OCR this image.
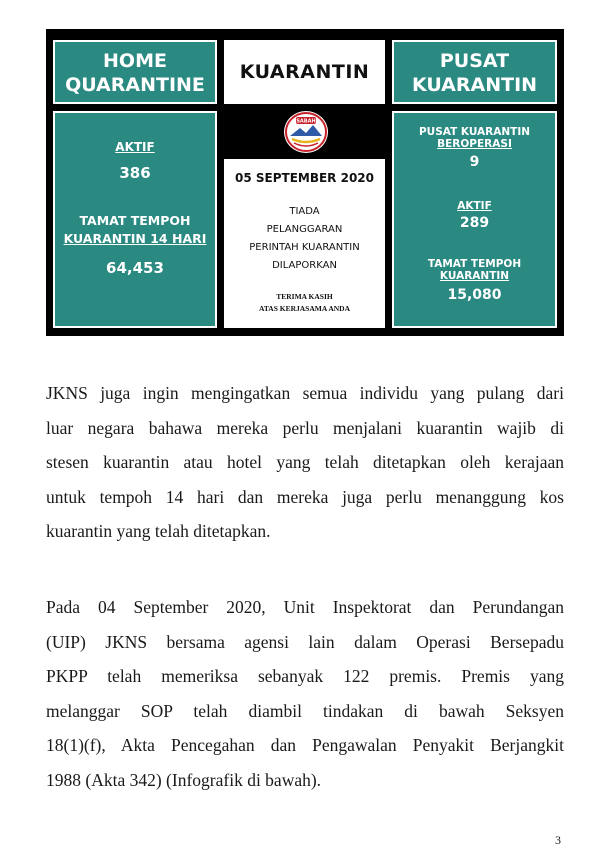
HOME
QUARANTINE
KUARANTIN	PUSAT
KUARANTIN
AKTIF
386
TAMAT TEMPOH
KUARANTIN 14 HARI
64,453
SABAH
05 SEPTEMBER 2020
TIADA
PELANGGARAN
PERINTAH KUARANTIN
DILAPORKAN
TERIMA KASIH
ATAS KERJASAMA ANDA
PUSAT KUARANTIN
BEROPERASI
9
AKTIF
289
TAMAT TEMPOH
KUARANTIN
15,080
JKNS juga ingin mengingatkan semua individu yang pulang dari
luar negara bahawa mereka perlu menjalani kuarantin wajib di
stesen kuarantin atau hotel yang telah ditetapkan oleh kerajaan
untuk tempoh 14 hari dan mereka juga perlu menanggung kos
kuarantin yang telah ditetapkan.
Pada 04 September 2020, Unit Inspektorat dan Perundangan
(UIP) JKNS bersama agensi lain dalam Operasi Bersepadu
PKPP telah memeriksa sebanyak 122 premis. Premis yang
melanggar SOP telah diambil tindakan di bawah Seksyen
18(1)(f), Akta Pencegahan dan Pengawalan Penyakit Berjangkit
1988 (Akta 342) (Infografik di bawah).
3
